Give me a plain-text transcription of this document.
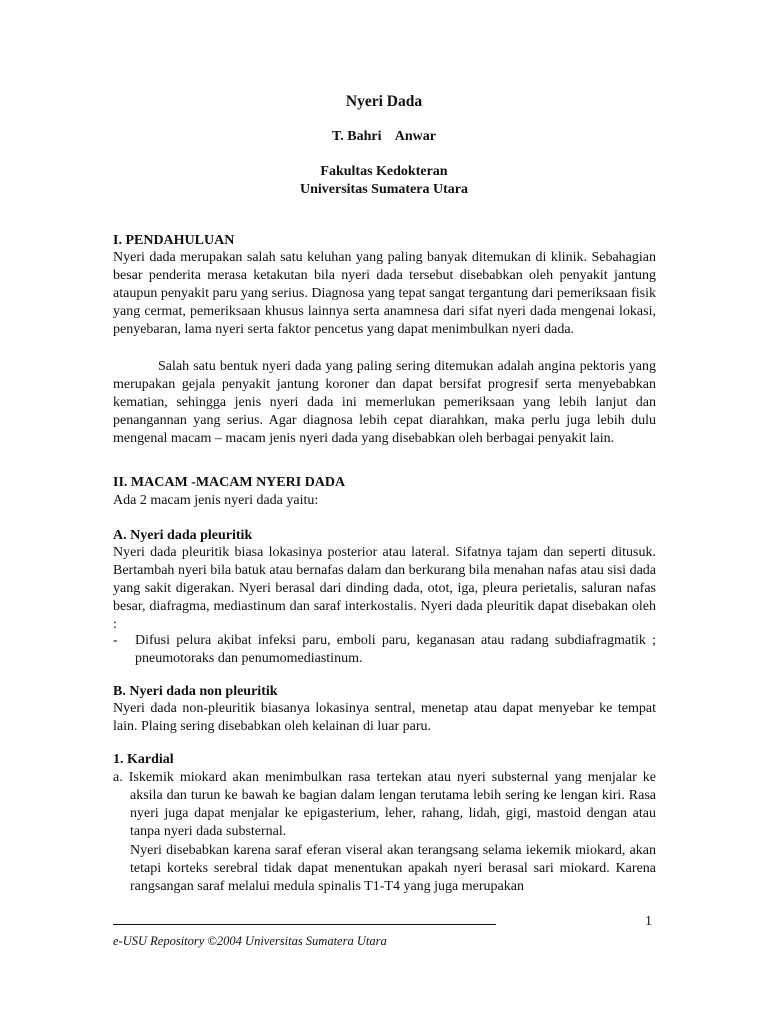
Nyeri Dada
T. Bahri    Anwar
Fakultas Kedokteran
Universitas Sumatera Utara
I. PENDAHULUAN
Nyeri dada merupakan salah satu keluhan yang paling banyak ditemukan di klinik. Sebahagian besar penderita merasa ketakutan bila nyeri dada tersebut disebabkan oleh penyakit jantung ataupun penyakit paru yang serius. Diagnosa yang tepat sangat tergantung dari pemeriksaan fisik yang cermat, pemeriksaan khusus lainnya serta anamnesa dari sifat nyeri dada mengenai lokasi, penyebaran, lama nyeri serta faktor pencetus yang dapat menimbulkan nyeri dada.
Salah satu bentuk nyeri dada yang paling sering ditemukan adalah angina pektoris yang merupakan gejala penyakit jantung koroner dan dapat bersifat progresif serta menyebabkan kematian, sehingga jenis nyeri dada ini memerlukan pemeriksaan yang lebih lanjut dan penangannan yang serius. Agar diagnosa lebih cepat diarahkan, maka perlu juga lebih dulu mengenal macam – macam jenis nyeri dada yang disebabkan oleh berbagai penyakit lain.
II. MACAM -MACAM NYERI DADA
Ada 2 macam jenis nyeri dada yaitu:
A. Nyeri dada pleuritik
Nyeri dada pleuritik biasa lokasinya posterior atau lateral. Sifatnya tajam dan seperti ditusuk. Bertambah nyeri bila batuk atau bernafas dalam dan berkurang bila menahan nafas atau sisi dada yang sakit digerakan. Nyeri berasal dari dinding dada, otot, iga, pleura perietalis, saluran nafas besar, diafragma, mediastinum dan saraf interkostalis. Nyeri dada pleuritik dapat disebakan oleh :
- Difusi pelura akibat infeksi paru, emboli paru, keganasan atau radang subdiafragmatik ; pneumotoraks dan penumomediastinum.
B. Nyeri dada non pleuritik
Nyeri dada non-pleuritik biasanya lokasinya sentral, menetap atau dapat menyebar ke tempat lain. Plaing sering disebabkan oleh kelainan di luar paru.
1. Kardial
a. Iskemik miokard akan menimbulkan rasa tertekan atau nyeri substernal yang menjalar ke aksila dan turun ke bawah ke bagian dalam lengan terutama lebih sering ke lengan kiri. Rasa nyeri juga dapat menjalar ke epigasterium, leher, rahang, lidah, gigi, mastoid dengan atau tanpa nyeri dada substernal.
Nyeri disebabkan karena saraf eferan viseral akan terangsang selama iekemik miokard, akan tetapi korteks serebral tidak dapat menentukan apakah nyeri berasal sari miokard. Karena rangsangan saraf melalui medula spinalis T1-T4 yang juga merupakan
1
e-USU Repository ©2004 Universitas Sumatera Utara
